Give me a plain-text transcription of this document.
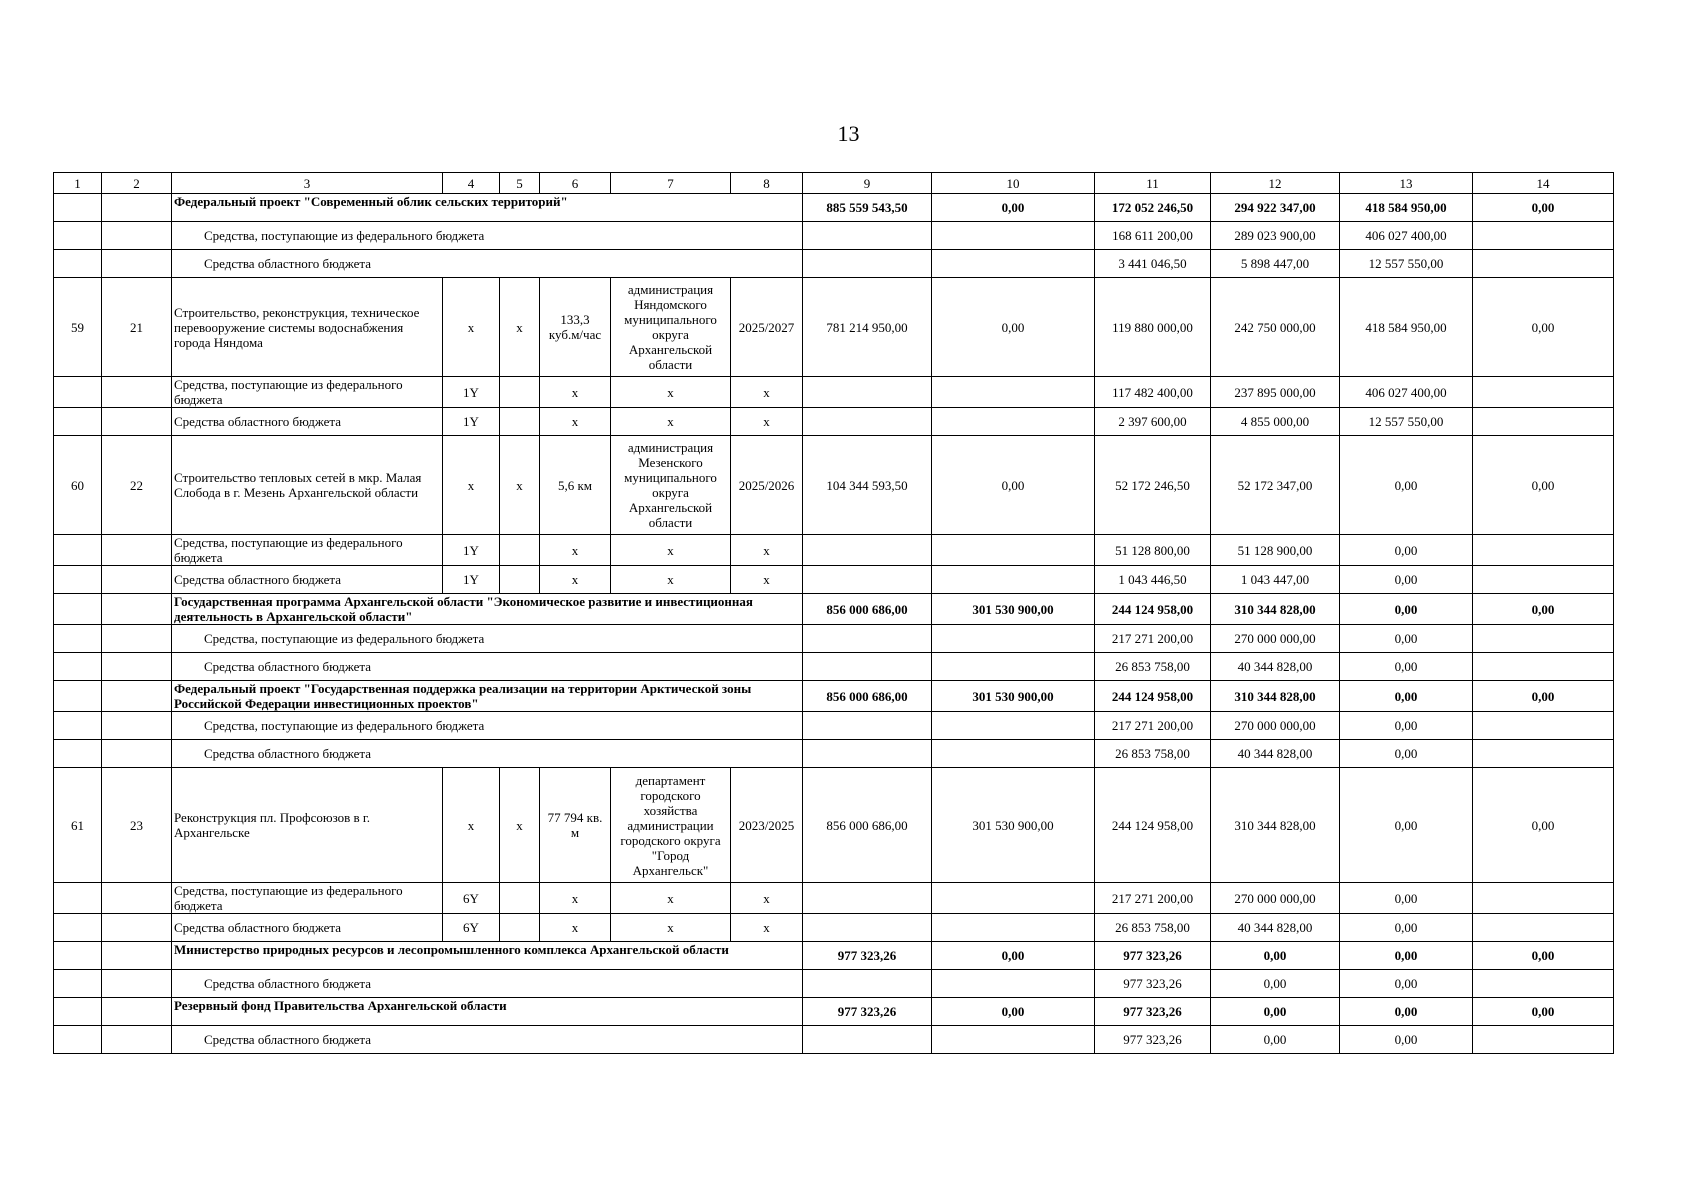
13
1	2	3	4	5	6	7	8	9	10	11	12	13	14
		Федеральный проект "Современный облик сельских территорий"						885 559 543,50	0,00	172 052 246,50	294 922 347,00	418 584 950,00	0,00
		Средства, поступающие из федерального бюджета								168 611 200,00	289 023 900,00	406 027 400,00	
		Средства областного бюджета								3 441 046,50	5 898 447,00	12 557 550,00	
59	21	Строительство, реконструкция, техническое перевооружение системы водоснабжения города Няндома	х	х	133,3 куб.м/час	администрация Няндомского муниципального округа Архангельской области	2025/2027	781 214 950,00	0,00	119 880 000,00	242 750 000,00	418 584 950,00	0,00
		Средства, поступающие из федерального бюджета	1Y		х	х	х			117 482 400,00	237 895 000,00	406 027 400,00	
		Средства областного бюджета	1Y		х	х	х			2 397 600,00	4 855 000,00	12 557 550,00	
60	22	Строительство тепловых сетей в мкр. Малая Слобода в г. Мезень Архангельской области	х	х	5,6 км	администрация Мезенского муниципального округа Архангельской области	2025/2026	104 344 593,50	0,00	52 172 246,50	52 172 347,00	0,00	0,00
		Средства, поступающие из федерального бюджета	1Y		х	х	х			51 128 800,00	51 128 900,00	0,00	
		Средства областного бюджета	1Y		х	х	х			1 043 446,50	1 043 447,00	0,00	
		Государственная программа Архангельской области "Экономическое развитие и инвестиционная деятельность в Архангельской области"						856 000 686,00	301 530 900,00	244 124 958,00	310 344 828,00	0,00	0,00
		Средства, поступающие из федерального бюджета								217 271 200,00	270 000 000,00	0,00	
		Средства областного бюджета								26 853 758,00	40 344 828,00	0,00	
		Федеральный проект "Государственная поддержка реализации на территории Арктической зоны Российской Федерации инвестиционных проектов"						856 000 686,00	301 530 900,00	244 124 958,00	310 344 828,00	0,00	0,00
		Средства, поступающие из федерального бюджета								217 271 200,00	270 000 000,00	0,00	
		Средства областного бюджета								26 853 758,00	40 344 828,00	0,00	
61	23	Реконструкция пл. Профсоюзов в г. Архангельске	х	х	77 794 кв. м	департамент городского хозяйства администрации городского округа "Город Архангельск"	2023/2025	856 000 686,00	301 530 900,00	244 124 958,00	310 344 828,00	0,00	0,00
		Средства, поступающие из федерального бюджета	6Y		х	х	х			217 271 200,00	270 000 000,00	0,00	
		Средства областного бюджета	6Y		х	х	х			26 853 758,00	40 344 828,00	0,00	
		Министерство природных ресурсов и лесопромышленного комплекса Архангельской области						977 323,26	0,00	977 323,26	0,00	0,00	0,00
		Средства областного бюджета								977 323,26	0,00	0,00	
		Резервный фонд Правительства Архангельской области						977 323,26	0,00	977 323,26	0,00	0,00	0,00
		Средства областного бюджета								977 323,26	0,00	0,00	
